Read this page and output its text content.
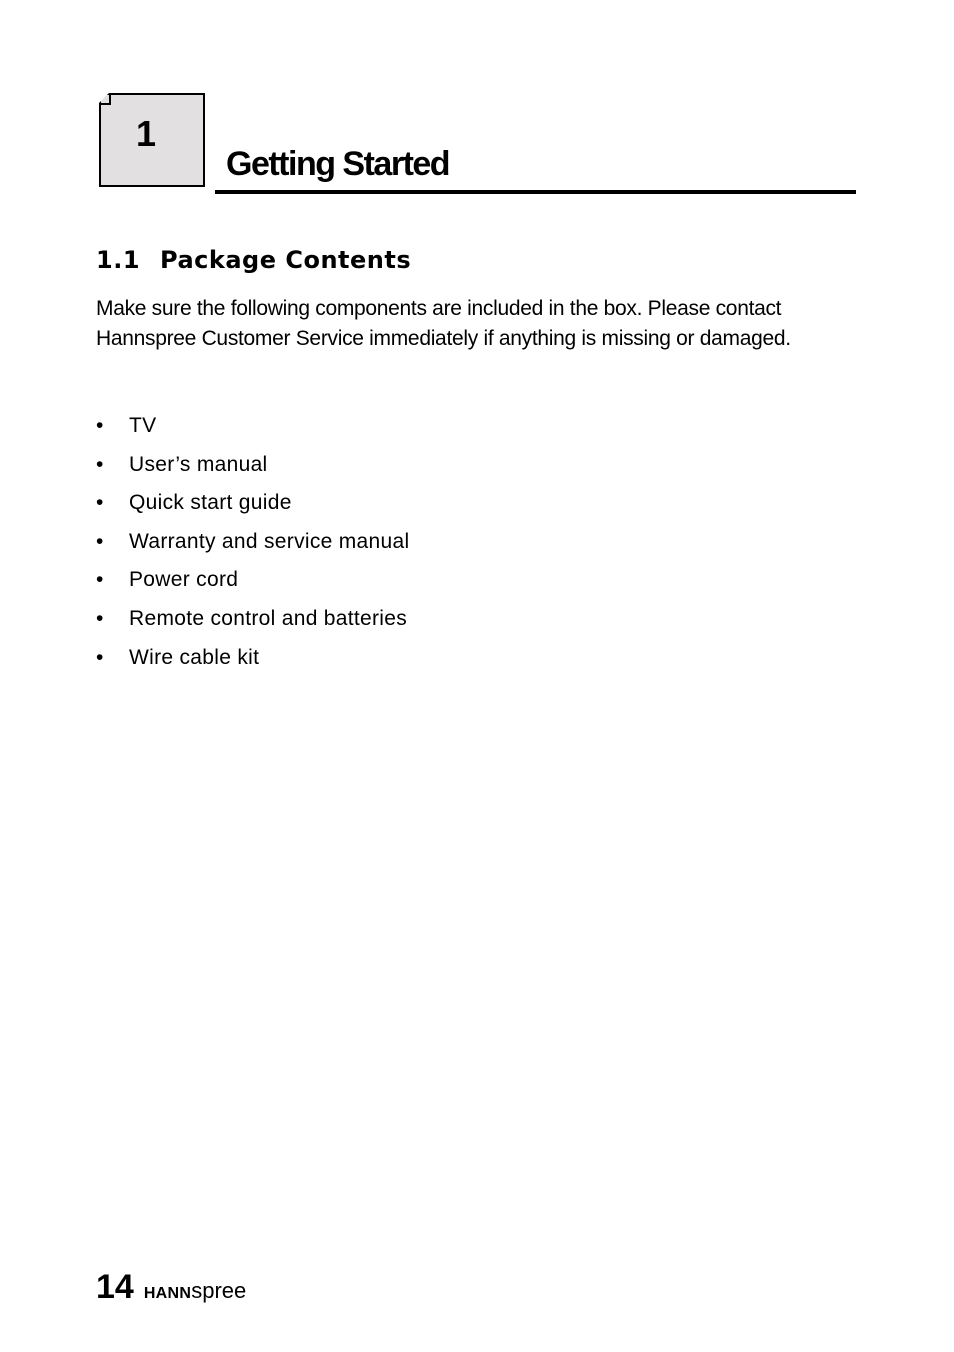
1
Getting Started
1.1 Package Contents

Make sure the following components are included in the box. Please contact Hannspree Customer Service immediately if anything is missing or damaged.

• TV
• User’s manual
• Quick start guide
• Warranty and service manual
• Power cord
• Remote control and batteries
• Wire cable kit
14 HANNspree
